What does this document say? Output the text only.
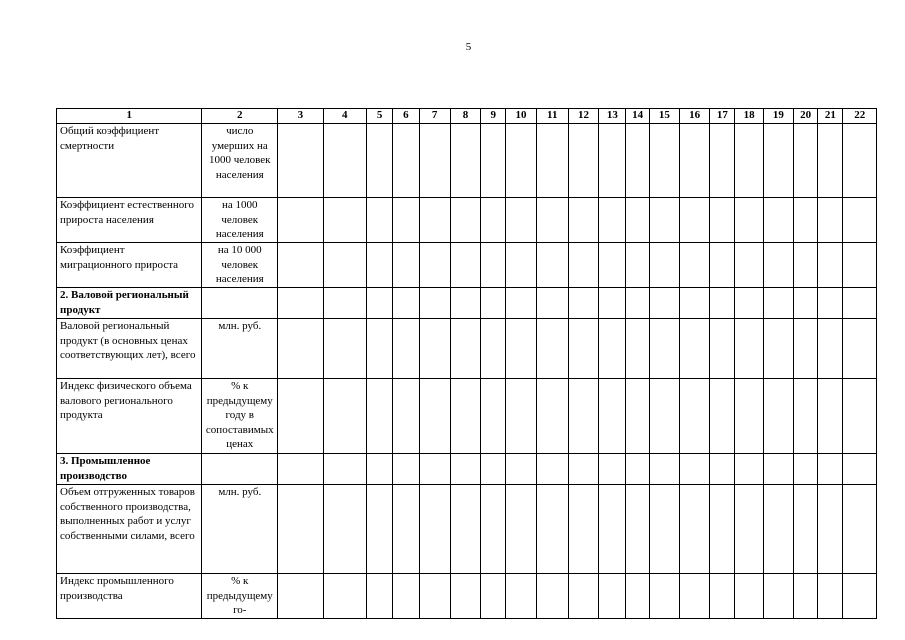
5
1	2	3	4	5	6	7	8	9	10	11	12	13	14	15	16	17	18	19	20	21	22
Общий коэффициент смертности	число умерших на 1000 человек населения																				
Коэффициент естественного прироста населения	на 1000 человек населения																				
Коэффициент миграционного прироста	на 10 000 человек населения																				
2. Валовой региональный продукт																					
Валовой региональный продукт (в основных ценах соответствующих лет), всего	млн. руб.																				
Индекс физического объема валового регионального продукта	% к предыдущему году в сопоставимых ценах																				
3. Промышленное производство																					
Объем отгруженных товаров собственного производства, выполненных работ и услуг собственными силами, всего	млн. руб.																				
Индекс промышленного производства	% к предыдущему го-																				
